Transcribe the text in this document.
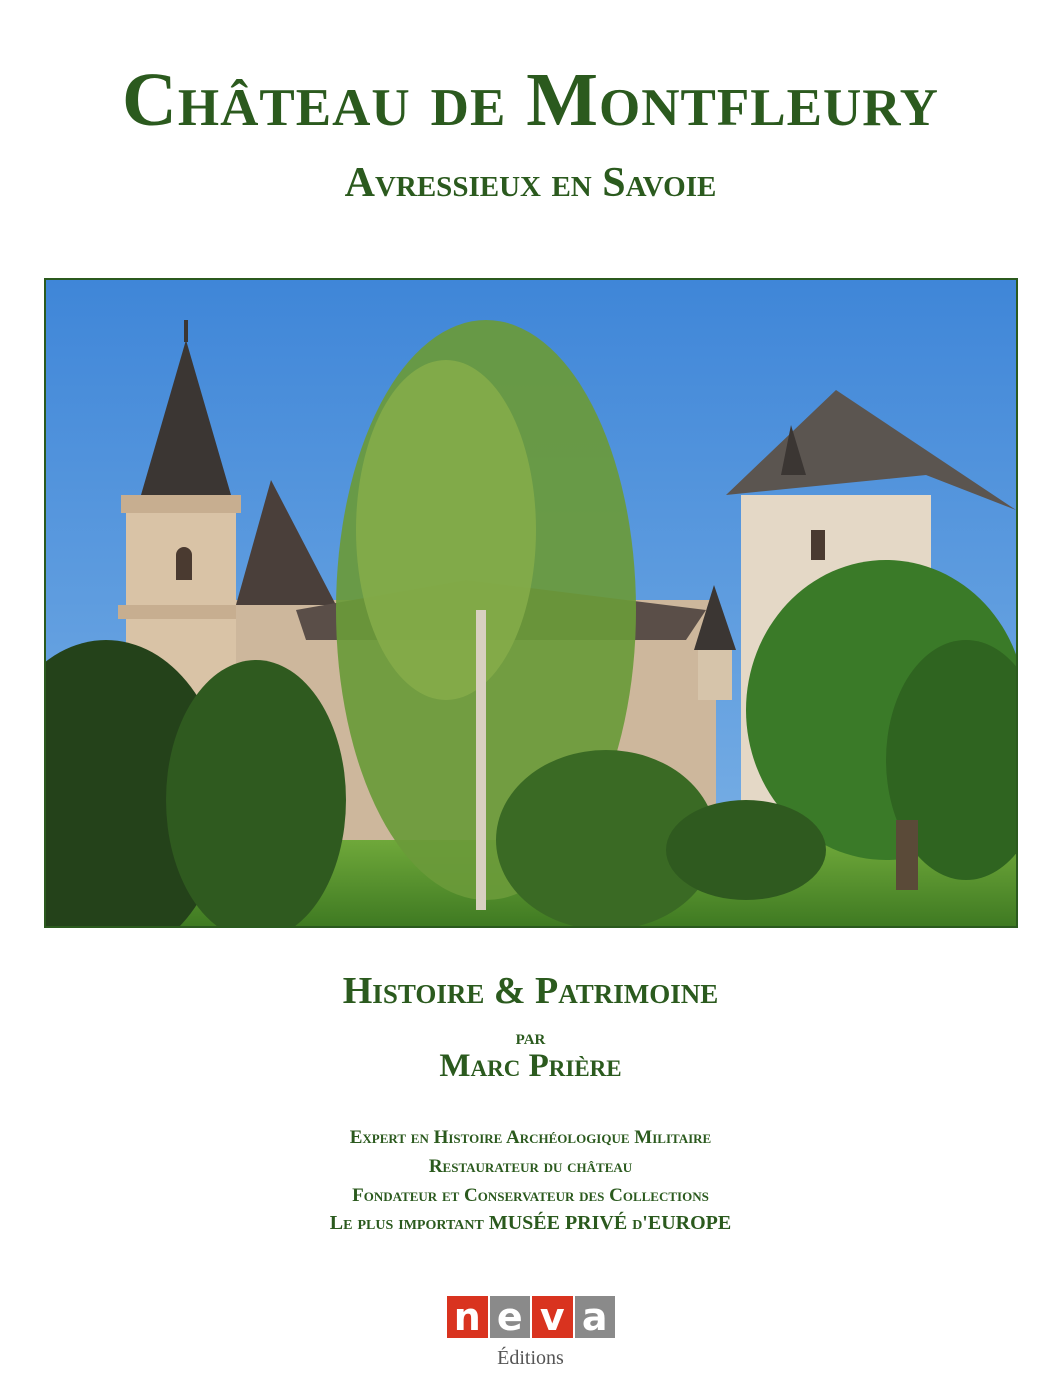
Château de Montfleury
Avressieux en Savoie
Histoire & Patrimoine
par
Marc Prière
Expert en Histoire Archéologique Militaire
Restaurateur du château
Fondateur et Conservateur des Collections
Le plus important MUSÉE PRIVÉ d'EUROPE
n e v a
Éditions
